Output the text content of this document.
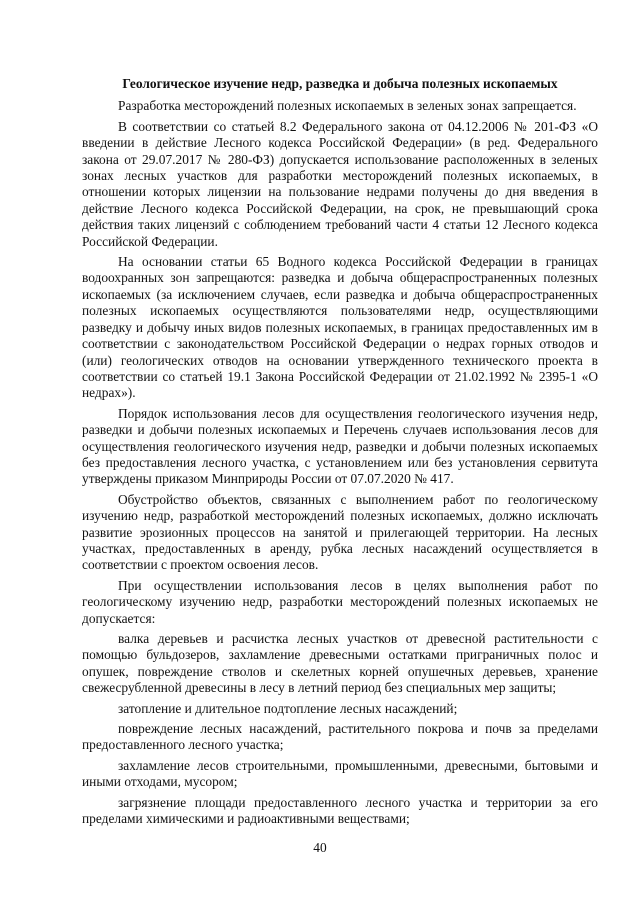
Геологическое изучение недр, разведка и добыча полезных ископаемых
Разработка месторождений полезных ископаемых в зеленых зонах запрещается.
В соответствии со статьей 8.2 Федерального закона от 04.12.2006 № 201-ФЗ «О введении в действие Лесного кодекса Российской Федерации» (в ред. Федерального закона от 29.07.2017 № 280-ФЗ) допускается использование расположенных в зеленых зонах лесных участков для разработки месторождений полезных ископаемых, в отношении которых лицензии на пользование недрами получены до дня введения в действие Лесного кодекса Российской Федерации, на срок, не превышающий срока действия таких лицензий с соблюдением требований части 4 статьи 12 Лесного кодекса Российской Федерации.
На основании статьи 65 Водного кодекса Российской Федерации в границах водоохранных зон запрещаются: разведка и добыча общераспространенных полезных ископаемых (за исключением случаев, если разведка и добыча общераспространенных полезных ископаемых осуществляются пользователями недр, осуществляющими разведку и добычу иных видов полезных ископаемых, в границах предоставленных им в соответствии с законодательством Российской Федерации о недрах горных отводов и (или) геологических отводов на основании утвержденного технического проекта в соответствии со статьей 19.1 Закона Российской Федерации от 21.02.1992 № 2395-1 «О недрах»).
Порядок использования лесов для осуществления геологического изучения недр, разведки и добычи полезных ископаемых и Перечень случаев использования лесов для осуществления геологического изучения недр, разведки и добычи полезных ископаемых без предоставления лесного участка, с установлением или без установления сервитута утверждены приказом Минприроды России от 07.07.2020 № 417.
Обустройство объектов, связанных с выполнением работ по геологическому изучению недр, разработкой месторождений полезных ископаемых, должно исключать развитие эрозионных процессов на занятой и прилегающей территории. На лесных участках, предоставленных в аренду, рубка лесных насаждений осуществляется в соответствии с проектом освоения лесов.
При осуществлении использования лесов в целях выполнения работ по геологическому изучению недр, разработки месторождений полезных ископаемых не допускается:
валка деревьев и расчистка лесных участков от древесной растительности с помощью бульдозеров, захламление древесными остатками приграничных полос и опушек, повреждение стволов и скелетных корней опушечных деревьев, хранение свежесрубленной древесины в лесу в летний период без специальных мер защиты;
затопление и длительное подтопление лесных насаждений;
повреждение лесных насаждений, растительного покрова и почв за пределами предоставленного лесного участка;
захламление лесов строительными, промышленными, древесными, бытовыми и иными отходами, мусором;
загрязнение площади предоставленного лесного участка и территории за его пределами химическими и радиоактивными веществами;
40
